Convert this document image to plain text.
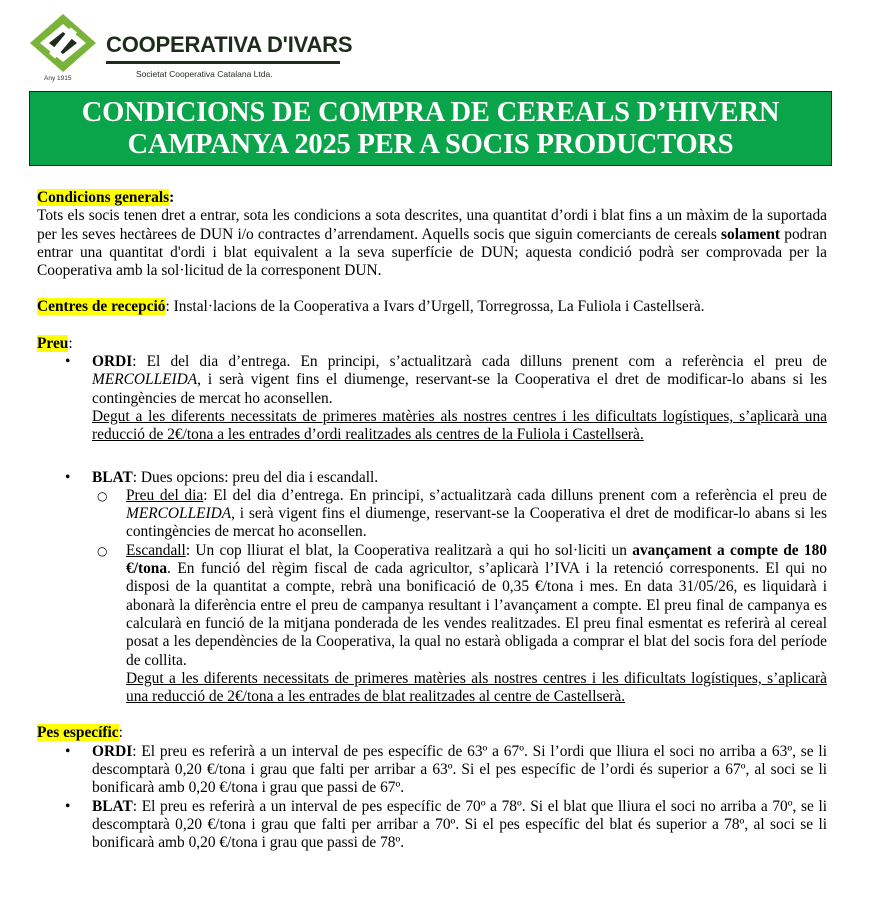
Any 1915
COOPERATIVA D'IVARS
Societat Cooperativa Catalana Ltda.
CONDICIONS DE COMPRA DE CEREALS D’HIVERN
CAMPANYA 2025 PER A SOCIS PRODUCTORS
Condicions generals:

Tots els socis tenen dret a entrar, sota les condicions a sota descrites, una quantitat d’ordi i blat fins a un màxim de la suportada per les seves hectàrees de DUN i/o contractes d’arrendament. Aquells socis que siguin comerciants de cereals solament podran entrar una quantitat d'ordi i blat equivalent a la seva superfície de DUN; aquesta condició podrà ser comprovada per la Cooperativa amb la sol·licitud de la corresponent DUN.

Centres de recepció: Instal·lacions de la Cooperativa a Ivars d’Urgell, Torregrossa, La Fuliola i Castellserà.

Preu:
• ORDI: El del dia d’entrega. En principi, s’actualitzarà cada dilluns prenent com a referència el preu de MERCOLLEIDA, i serà vigent fins el diumenge, reservant-se la Cooperativa el dret de modificar-lo abans si les contingències de mercat ho aconsellen.
Degut a les diferents necessitats de primeres matèries als nostres centres i les dificultats logístiques, s’aplicarà una reducció de 2€/tona a les entrades d’ordi realitzades als centres de la Fuliola i Castellserà.
• BLAT: Dues opcions: preu del dia i escandall.
○ Preu del dia: El del dia d’entrega. En principi, s’actualitzarà cada dilluns prenent com a referència el preu de MERCOLLEIDA, i serà vigent fins el diumenge, reservant-se la Cooperativa el dret de modificar-lo abans si les contingències de mercat ho aconsellen.
○ Escandall: Un cop lliurat el blat, la Cooperativa realitzarà a qui ho sol·liciti un avançament a compte de 180 €/tona. En funció del règim fiscal de cada agricultor, s’aplicarà l’IVA i la retenció corresponents. El qui no disposi de la quantitat a compte, rebrà una bonificació de 0,35 €/tona i mes. En data 31/05/26, es liquidarà i abonarà la diferència entre el preu de campanya resultant i l’avançament a compte. El preu final de campanya es calcularà en funció de la mitjana ponderada de les vendes realitzades. El preu final esmentat es referirà al cereal posat a les dependències de la Cooperativa, la qual no estarà obligada a comprar el blat del socis fora del període de collita.
Degut a les diferents necessitats de primeres matèries als nostres centres i les dificultats logístiques, s’aplicarà una reducció de 2€/tona a les entrades de blat realitzades al centre de Castellserà.
Pes específic:
• ORDI: El preu es referirà a un interval de pes específic de 63º a 67º. Si l’ordi que lliura el soci no arriba a 63º, se li descomptarà 0,20 €/tona i grau que falti per arribar a 63º. Si el pes específic de l’ordi és superior a 67º, al soci se li bonificarà amb 0,20 €/tona i grau que passi de 67º.
• BLAT: El preu es referirà a un interval de pes específic de 70º a 78º. Si el blat que lliura el soci no arriba a 70º, se li descomptarà 0,20 €/tona i grau que falti per arribar a 70º. Si el pes específic del blat és superior a 78º, al soci se li bonificarà amb 0,20 €/tona i grau que passi de 78º.
